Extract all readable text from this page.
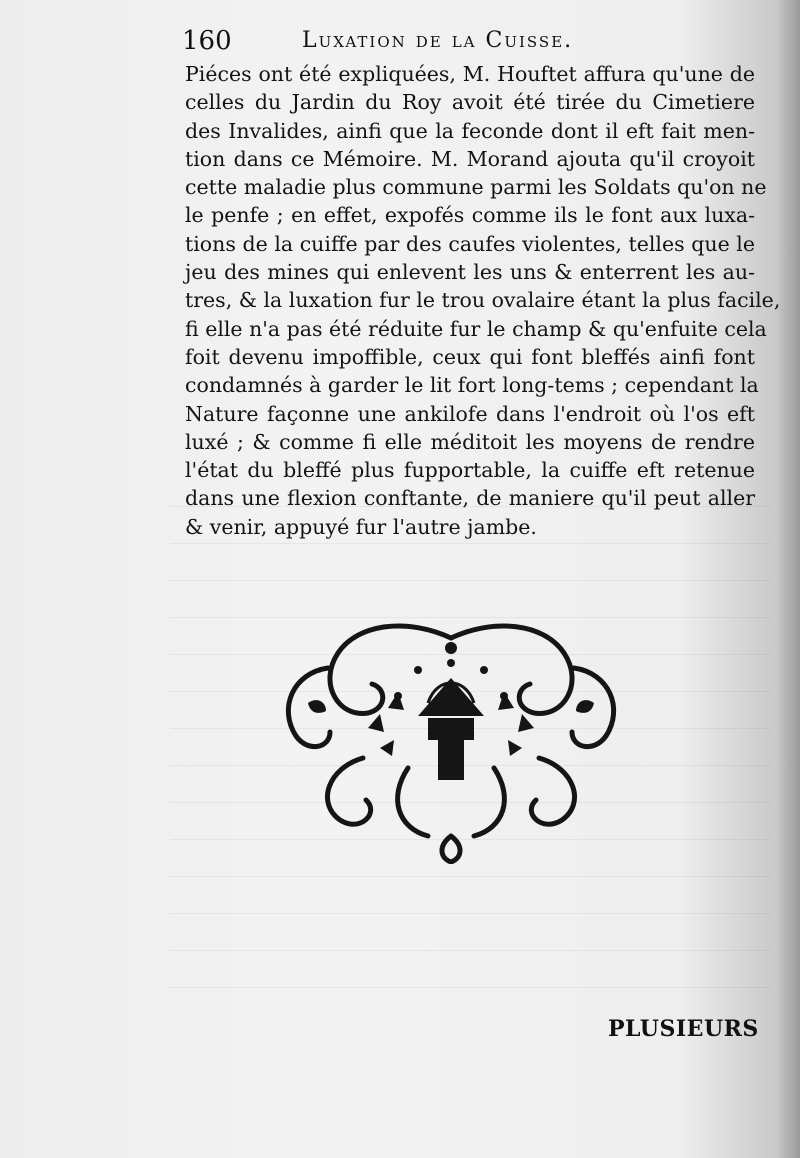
160	Luxation de la Cuisse.
Piéces ont été expliquées, M. Houftet affura qu'une de
celles du Jardin du Roy avoit été tirée du Cimetiere
des Invalides, ainfi que la feconde dont il eft fait men-
tion dans ce Mémoire. M. Morand ajouta qu'il croyoit
cette maladie plus commune parmi les Soldats qu'on ne
le penfe ; en effet, expofés comme ils le font aux luxa-
tions de la cuiffe par des caufes violentes, telles que le
jeu des mines qui enlevent les uns & enterrent les au-
tres, & la luxation fur le trou ovalaire étant la plus facile,
fi elle n'a pas été réduite fur le champ & qu'enfuite cela
foit devenu impoffible, ceux qui font bleffés ainfi font
condamnés à garder le lit fort long-tems ; cependant la
Nature façonne une ankilofe dans l'endroit où l'os eft
luxé ; & comme fi elle méditoit les moyens de rendre
l'état du bleffé plus fupportable, la cuiffe eft retenue
dans une flexion conftante, de maniere qu'il peut aller
& venir, appuyé fur l'autre jambe.
PLUSIEURS
